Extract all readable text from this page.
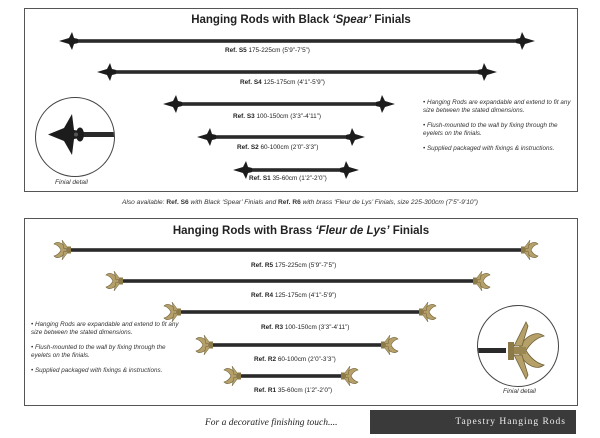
Hanging Rods with Black ‘Spear’ Finials
Ref. S5 175-225cm (5’9”-7’5”)
Ref. S4 125-175cm (4’1”-5’9”)
Ref. S3 100-150cm (3’3”-4’11”)
Ref. S2 60-100cm (2’0”-3’3”)
Ref. S1 35-60cm (1’2”-2’0”)
Finial detail

• Hanging Rods are expandable and extend to fit any size between the stated dimensions.

• Flush-mounted to the wall by fixing through the eyelets on the finials.

• Supplied packaged with fixings & instructions.

Also available: Ref. S6 with Black ‘Spear’ Finials and Ref. R6 with brass ‘Fleur de Lys’ Finials, size 225-300cm (7’5”-9’10”)
Hanging Rods with Brass ‘Fleur de Lys’ Finials
Ref. R5 175-225cm (5’9”-7’5”)
Ref. R4 125-175cm (4’1”-5’9”)
Ref. R3 100-150cm (3’3”-4’11”)
Ref. R2 60-100cm (2’0”-3’3”)
Ref. R1 35-60cm (1’2”-2’0”)

• Hanging Rods are expandable and extend to fit any size between the stated dimensions.

• Flush-mounted to the wall by fixing through the eyelets on the finials.

• Supplied packaged with fixings & instructions.

Finial detail
For a decorative finishing touch....	Tapestry Hanging Rods
